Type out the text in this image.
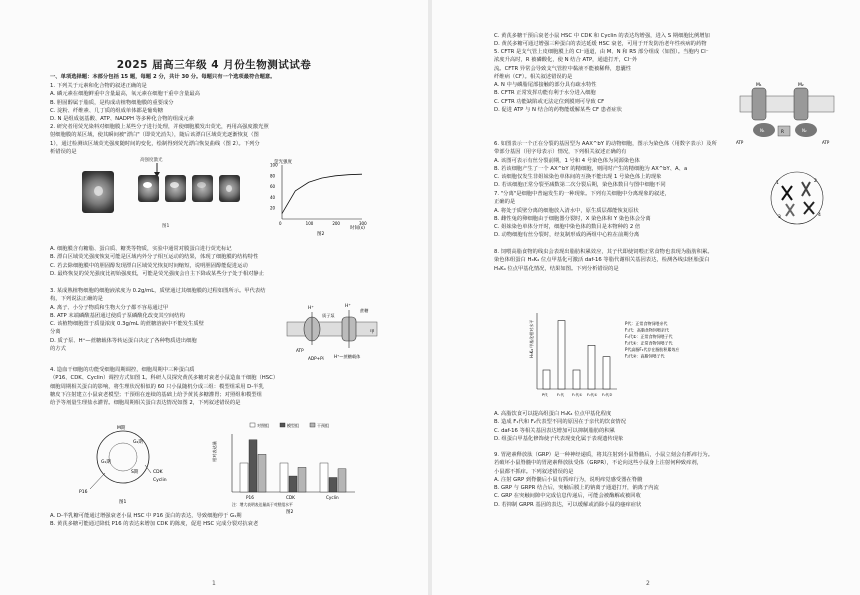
2025 届高三年级 4 月份生物测试试卷
一、单项选择题：本部分包括 15 题，每题 2 分，共计 30 分。每题只有一个选项最符合题意。
1. 下列关于元素和化合物的叙述正确的是
A. 磷元素在细胞鲜重中含量最高，氧元素在细胞干重中含量最高
B. 胆固醇属于脂质，是构成动植物细胞膜的重要成分
C. 淀粉、纤维素、几丁质的组成单体都是葡萄糖
D. N 是组成氨基酸、ATP、NADPH 等多种化合物的组成元素
2. 研究者用荧光染料对细胞膜上某些分子进行处理，并使细胞膜发出荧光，再用高强度激光照
射细胞膜的某区域，使其瞬间被"漂白"（即荧光消失），随后该漂白区域荧光逐渐恢复（图
1），通过检测该区域荧光强度随时间的变化，绘制得到荧光漂白恢复曲线（图 2）。下列分
析错误的是
高强度激光
图1
荧光强度
0	100	200	300
20
40
60
80
100
时间(s)
图2
A. 细胞膜含有糖脂、蛋白质、糖类等物质，实验中通常对膜蛋白进行荧光标记
B. 漂白区域荧光强度恢复可能是区域内外分子相互运动的结果，体现了细胞膜的结构特性
C. 若去除细胞膜中的胆固醇发现漂白区域荧光恢复时间缩短，说明胆固醇能促进运动
D. 最终恢复的荧光强度比初始强度低，可能是荧光强度会自主下降或某些分子处于相对静止
3. 某成熟植物细胞的细胞液浓度为 0.2g/mL，质壁通过其细胞膜的过程如图所示。甲代表结
构，下列说法正确的是
A. 离子、小分子物质和生物大分子都不容易通过甲
B. ATP 末端磷酸基团通过使质子泵磷酸化改变其空间结构
C. 该植物细胞置于质量浓度 0.3g/mL 的蔗糖溶液中不能发生质壁
分离
D. 质子泵、H⁺—蔗糖载体等转运蛋白决定了各种物质进出细胞
的方式
H⁺
质子泵
ATP
ADP+Pi
H⁺
蔗糖
H⁺—蔗糖载体
甲
4. 造血干细胞的功能受细胞周期调控，细胞周期中三种蛋白质
（P16、CDK、Cyclin）调控方式如图 1。科研人员探究黄芪多糖对衰老小鼠造血干细胞（HSC）
细胞周期相关蛋白的影响，将生理状况相似的 60 只小鼠随机分成三组：模型组采用 D-半乳
糖皮下注射建立小鼠衰老模型；干预组在连续的基础上给予黄芪多糖灌胃；对照组和模型组
给予等剂量生理盐水灌胃。细胞周期相关蛋白表达情况如图 2，下列叙述错误的是
M期
G₁期
G₂期
S期
P16
CDK
Cyclin
图1
对照组	模型组	干预组
相对表达量
P16	CDK	Cyclin
注：增大表明表达量高于对照组水平
图2
A. D-半乳糖可能通过增强衰老小鼠 HSC 中 P16 蛋白的表达，导致细胞停于 G₁期
B. 黄芪多糖可能通过降低 P16 的表达来增加 CDK 的陈度，促进 HSC 完成分裂对抗衰老
1
C. 黄芪多糖干预后衰老小鼠 HSC 中 CDK 和 Cyclin 的表达均增强，进入 S 期细胞比例增加
D. 黄芪多糖可通过增强三种蛋白的表达延缓 HSC 衰老，可用于开发防治老年性疾病的药物
5. CFTR 是支气管上皮细胞膜上的 Cl⁻通道，由 M、N 和 R5 部分组成（如图）。当胞内 Cl⁻
浓度升高时，R 被磷酸化，使 N 结合 ATP，通道打开，Cl⁻外
流。CFTR 异常会导致支气管腔中黏液不能被稀释，患囊性
纤维病（CF）。相关叙述错误的是
A. N 中与磷脂尾部接触的部分具有疏水特性
B. CFTR 正常发挥功能有利于水分进入细胞
C. CFTR 功能缺陷或无法定位到膜则可导致 CF
D. 促进 ATP 与 N 结合的药物能缓解某些 CF 患者症状
M₁	M₂
N₁	N₂
R
ATP	ATP
6. 如图表示一个正在分裂的基因型为 AAX^bY 的动物细胞，图示为染色体（用数字表示）及所
带部分基因（用字母表示）情况，下列相关叙述正确的有
A. 该图可表示有丝分裂前期，1 号和 4 号染色体为同源染色体
B. 若该细胞产生了一个 AX^bY 的精细胞，则同时产生的精细胞为 AX^bY、A、a
C. 该细胞仅发生非姐妹染色单体间的互换不能出现 1 号染色体上的现象
D. 若该细胞正常分裂至减数第二次分裂后期，染色体数目与图中细胞不同	1	2
3	4
7. "分离"是细胞中普遍发生的一种现象。下列有关细胞中分离现象的叙述，
正确的是
A. 将处于质壁分离的细胞放入清水中，原生质层都能恢复原状
B. 雌性兔的卵细胞由于细胞器分裂时，X 染色体和 Y 染色体会分离
C. 姐妹染色单体分开时，细胞中染色体的数目是本物种的 2 倍
D. 动物细胞有丝分裂时，经复制形成的两组中心粒在前期分离
8. 饲喂高脂食物的线虫会表现出脂肪积累效应，其子代即使饲喂正常食物也表现为脂肪积累。
染色体组蛋白 H₃K₄ 位点甲基化可激活 daf-16 等脂代谢相关基因表达，检测各线虫胚胎蛋白
H₃K₄ 位点甲基化情况，结果如图。下列分析错误的是
H₃K₄ 甲基化相对水平
P代	F₁代 F₁代① F₂代① F₂代②
P代：正常食物饲喂亲代
F₁代：高脂食物饲喂亲代
F₁代①：正常食物饲喂子代
F₂代①：正常食物饲喂子代
P代高脂F₁代存在脂肪积累效应
F₂代②：高脂饲喂子代
A. 高脂饮食可以提高组蛋白 H₃K₄ 位点甲基化程度
B. 造成 F₁代和 F₂代表型不同的原因在于亲代的饮食情况
C. daf-16 等相关基因表达增加可以抑制脂肪的积累
D. 组蛋白甲基化修饰使子代表现变化属于表观遗传现象
9. 胃泌素释放肽（GRP）是一种神经递质，将其注射到小鼠脊髓后，小鼠立刻会有抓痒行为。
若破坏小鼠脊髓中的胃泌素释放肽受体（GRPR），不论向这些小鼠身上注射何种致痒剂，
小鼠都不抓痒。下列叙述错误的是
A. 注射 GRP 到脊髓后小鼠有抓痒行为，说明痒觉感受器在脊髓
B. GRP 与 GRPR 结合后，突触后膜上的钠离子通道打开，钠离子内流
C. GRP 在突触间隙中完成信息传递后，可能会被酶解或被回收
D. 若抑制 GRPR 基因的表达，可以缓解或消除小鼠的瘙痒症状
2
